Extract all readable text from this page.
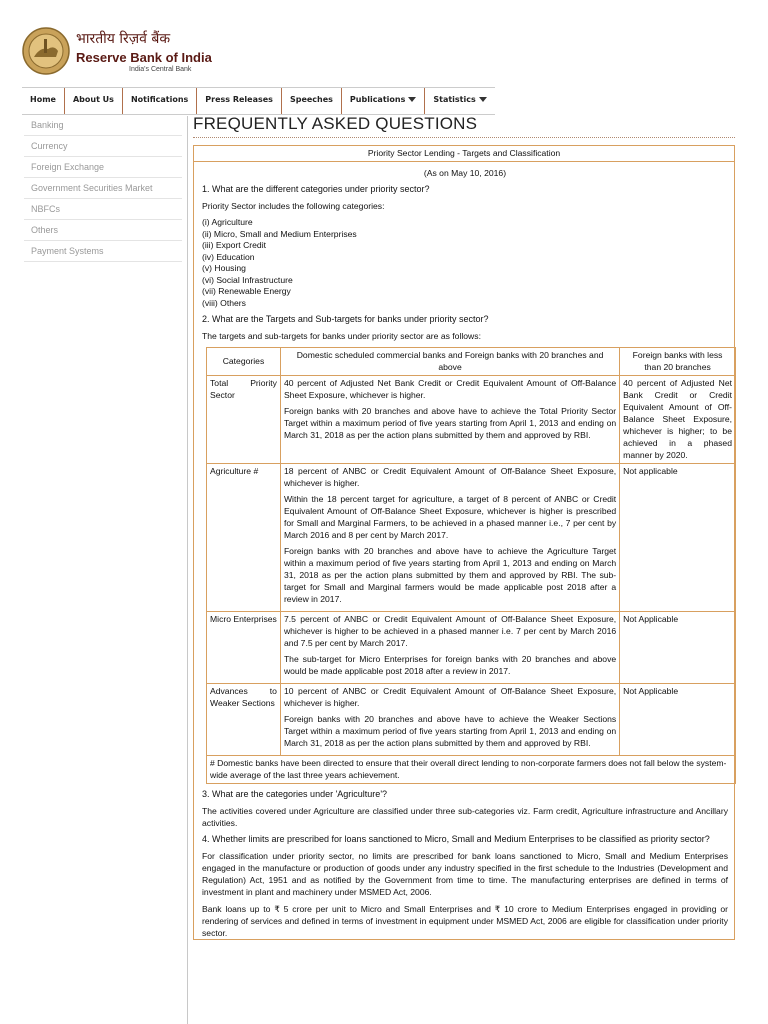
भारतीय रिज़र्व बैंक
Reserve Bank of India
India's Central Bank
Home	About Us	Notifications	Press Releases	Speeches	Publications	Statistics
Banking
Currency
Foreign Exchange
Government Securities Market
NBFCs
Others
Payment Systems
FREQUENTLY ASKED QUESTIONS
Priority Sector Lending - Targets and Classification
(As on May 10, 2016)
1. What are the different categories under priority sector?
Priority Sector includes the following categories:
(i) Agriculture
(ii) Micro, Small and Medium Enterprises
(iii) Export Credit
(iv) Education
(v) Housing
(vi) Social Infrastructure
(vii) Renewable Energy
(viii) Others
2. What are the Targets and Sub-targets for banks under priority sector?
The targets and sub-targets for banks under priority sector are as follows:
Categories	Domestic scheduled commercial banks and Foreign banks with 20 branches and above	Foreign banks with less than 20 branches
Total Priority Sector	40 percent of Adjusted Net Bank Credit or Credit Equivalent Amount of Off-Balance Sheet Exposure, whichever is higher.
Foreign banks with 20 branches and above have to achieve the Total Priority Sector Target within a maximum period of five years starting from April 1, 2013 and ending on March 31, 2018 as per the action plans submitted by them and approved by RBI.	40 percent of Adjusted Net Bank Credit or Credit Equivalent Amount of Off-Balance Sheet Exposure, whichever is higher; to be achieved in a phased manner by 2020.
Agriculture #	18 percent of ANBC or Credit Equivalent Amount of Off-Balance Sheet Exposure, whichever is higher.
Within the 18 percent target for agriculture, a target of 8 percent of ANBC or Credit Equivalent Amount of Off-Balance Sheet Exposure, whichever is higher is prescribed for Small and Marginal Farmers, to be achieved in a phased manner i.e., 7 per cent by March 2016 and 8 per cent by March 2017.
Foreign banks with 20 branches and above have to achieve the Agriculture Target within a maximum period of five years starting from April 1, 2013 and ending on March 31, 2018 as per the action plans submitted by them and approved by RBI. The sub-target for Small and Marginal farmers would be made applicable post 2018 after a review in 2017.	Not applicable
Micro Enterprises	7.5 percent of ANBC or Credit Equivalent Amount of Off-Balance Sheet Exposure, whichever is higher to be achieved in a phased manner i.e. 7 per cent by March 2016 and 7.5 per cent by March 2017.
The sub-target for Micro Enterprises for foreign banks with 20 branches and above would be made applicable post 2018 after a review in 2017.	Not Applicable
Advances to Weaker Sections	10 percent of ANBC or Credit Equivalent Amount of Off-Balance Sheet Exposure, whichever is higher.
Foreign banks with 20 branches and above have to achieve the Weaker Sections Target within a maximum period of five years starting from April 1, 2013 and ending on March 31, 2018 as per the action plans submitted by them and approved by RBI.	Not Applicable
# Domestic banks have been directed to ensure that their overall direct lending to non-corporate farmers does not fall below the system-wide average of the last three years achievement.		
3. What are the categories under 'Agriculture'?
The activities covered under Agriculture are classified under three sub-categories viz. Farm credit, Agriculture infrastructure and Ancillary activities.
4. Whether limits are prescribed for loans sanctioned to Micro, Small and Medium Enterprises to be classified as priority sector?
For classification under priority sector, no limits are prescribed for bank loans sanctioned to Micro, Small and Medium Enterprises engaged in the manufacture or production of goods under any industry specified in the first schedule to the Industries (Development and Regulation) Act, 1951 and as notified by the Government from time to time. The manufacturing enterprises are defined in terms of investment in plant and machinery under MSMED Act, 2006.
Bank loans up to ₹ 5 crore per unit to Micro and Small Enterprises and ₹ 10 crore to Medium Enterprises engaged in providing or rendering of services and defined in terms of investment in equipment under MSMED Act, 2006 are eligible for classification under priority sector.
